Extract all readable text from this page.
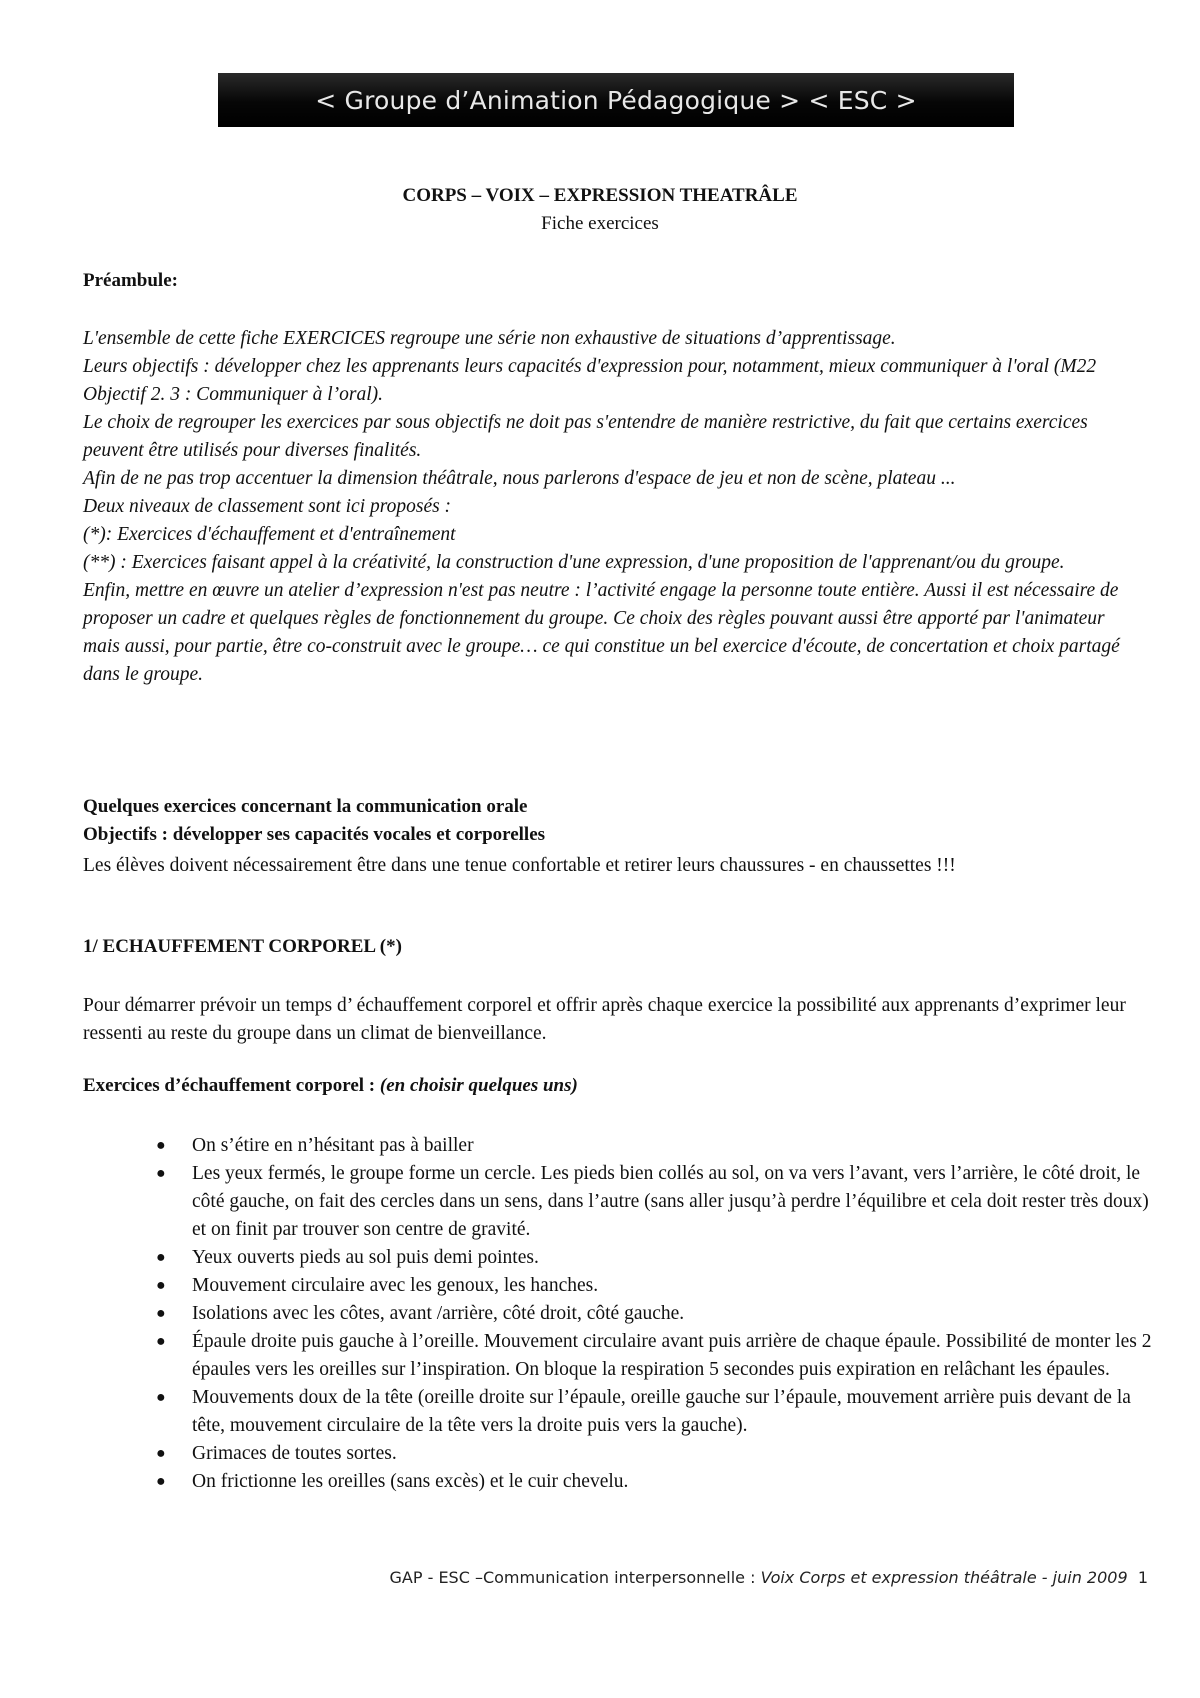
< Groupe d’Animation Pédagogique > < ESC >
CORPS – VOIX – EXPRESSION THEATRÂLE
Fiche exercices
Préambule:

L'ensemble de cette fiche EXERCICES regroupe une série non exhaustive de situations d’apprentissage.

Leurs objectifs : développer chez les apprenants leurs capacités d'expression pour, notamment, mieux communiquer à l'oral (M22 Objectif 2. 3 : Communiquer à l’oral).

Le choix de regrouper les exercices par sous objectifs ne doit pas s'entendre de manière restrictive, du fait que certains exercices peuvent être utilisés pour diverses finalités.

Afin de ne pas trop accentuer la dimension théâtrale, nous parlerons d'espace de jeu et non de scène, plateau ...

Deux niveaux de classement sont ici proposés :

(*): Exercices d'échauffement et d'entraînement

(**) : Exercices faisant appel à la créativité, la construction d'une expression, d'une proposition de l'apprenant/ou du groupe.

Enfin, mettre en œuvre un atelier d’expression n'est pas neutre : l’activité engage la personne toute entière. Aussi il est nécessaire de proposer un cadre et quelques règles de fonctionnement du groupe. Ce choix des règles pouvant aussi être apporté par l'animateur mais aussi, pour partie, être co-construit avec le groupe… ce qui constitue un bel exercice d'écoute, de concertation et choix partagé dans le groupe.

Quelques exercices concernant la communication orale
Objectifs : développer ses capacités vocales et corporelles

Les élèves doivent nécessairement être dans une tenue confortable et retirer leurs chaussures - en chaussettes !!!

1/ ECHAUFFEMENT CORPOREL (*)

Pour démarrer prévoir un temps d’ échauffement corporel et offrir après chaque exercice la possibilité aux apprenants d’exprimer leur ressenti au reste du groupe dans un climat de bienveillance.

Exercices d’échauffement corporel : (en choisir quelques uns)
● On s’étire en n’hésitant pas à bailler
● Les yeux fermés, le groupe forme un cercle. Les pieds bien collés au sol, on va vers l’avant, vers l’arrière, le côté droit, le côté gauche, on fait des cercles dans un sens, dans l’autre (sans aller jusqu’à perdre l’équilibre et cela doit rester très doux) et on finit par trouver son centre de gravité.
● Yeux ouverts pieds au sol puis demi pointes.
● Mouvement circulaire avec les genoux, les hanches.
● Isolations avec les côtes, avant /arrière, côté droit, côté gauche.
● Épaule droite puis gauche à l’oreille. Mouvement circulaire avant puis arrière de chaque épaule. Possibilité de monter les 2 épaules vers les oreilles sur l’inspiration. On bloque la respiration 5 secondes puis expiration en relâchant les épaules.
● Mouvements doux de la tête (oreille droite sur l’épaule, oreille gauche sur l’épaule, mouvement arrière puis devant de la tête, mouvement circulaire de la tête vers la droite puis vers la gauche).
● Grimaces de toutes sortes.
● On frictionne les oreilles (sans excès) et le cuir chevelu.
GAP - ESC –Communication interpersonnelle : Voix Corps et expression théâtrale - juin 2009 1
